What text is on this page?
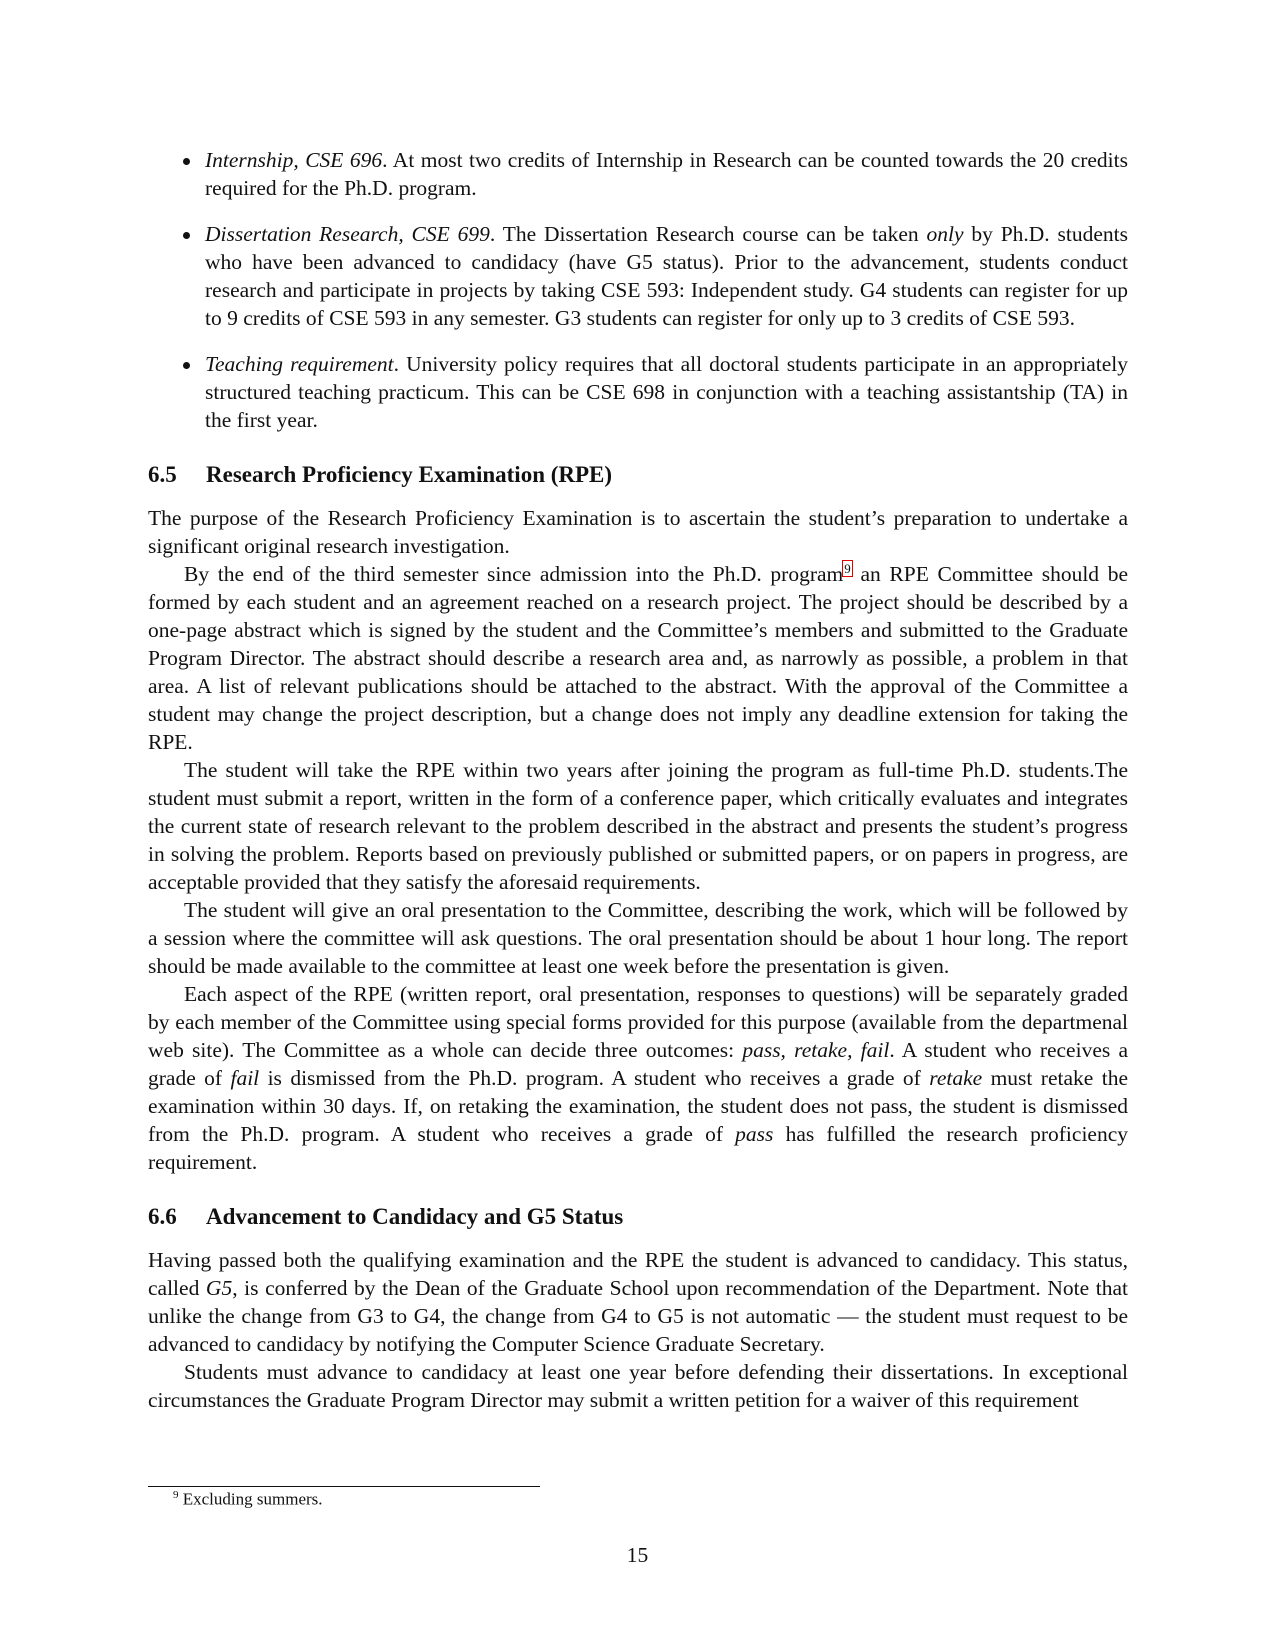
Internship, CSE 696. At most two credits of Internship in Research can be counted towards the 20 credits required for the Ph.D. program.
Dissertation Research, CSE 699. The Dissertation Research course can be taken only by Ph.D. students who have been advanced to candidacy (have G5 status). Prior to the advancement, students conduct research and participate in projects by taking CSE 593: Independent study. G4 students can register for up to 9 credits of CSE 593 in any semester. G3 students can register for only up to 3 credits of CSE 593.
Teaching requirement. University policy requires that all doctoral students participate in an appropriately structured teaching practicum. This can be CSE 698 in conjunction with a teaching assistantship (TA) in the first year.
6.5 Research Proficiency Examination (RPE)

The purpose of the Research Proficiency Examination is to ascertain the student’s preparation to undertake a significant original research investigation.

By the end of the third semester since admission into the Ph.D. program$^9$ an RPE Committee should be formed by each student and an agreement reached on a research project. The project should be described by a one-page abstract which is signed by the student and the Committee’s members and submitted to the Graduate Program Director. The abstract should describe a research area and, as narrowly as possible, a problem in that area. A list of relevant publications should be attached to the abstract. With the approval of the Committee a student may change the project description, but a change does not imply any deadline extension for taking the RPE.

The student will take the RPE within two years after joining the program as full-time Ph.D. students.The student must submit a report, written in the form of a conference paper, which critically evaluates and integrates the current state of research relevant to the problem described in the abstract and presents the student’s progress in solving the problem. Reports based on previously published or submitted papers, or on papers in progress, are acceptable provided that they satisfy the aforesaid requirements.

The student will give an oral presentation to the Committee, describing the work, which will be followed by a session where the committee will ask questions. The oral presentation should be about 1 hour long. The report should be made available to the committee at least one week before the presentation is given.

Each aspect of the RPE (written report, oral presentation, responses to questions) will be separately graded by each member of the Committee using special forms provided for this purpose (available from the departmenal web site). The Committee as a whole can decide three outcomes: pass, retake, fail. A student who receives a grade of fail is dismissed from the Ph.D. program. A student who receives a grade of retake must retake the examination within 30 days. If, on retaking the examination, the student does not pass, the student is dismissed from the Ph.D. program. A student who receives a grade of pass has fulfilled the research proficiency requirement.

6.6 Advancement to Candidacy and G5 Status

Having passed both the qualifying examination and the RPE the student is advanced to candidacy. This status, called G5, is conferred by the Dean of the Graduate School upon recommendation of the Department. Note that unlike the change from G3 to G4, the change from G4 to G5 is not automatic — the student must request to be advanced to candidacy by notifying the Computer Science Graduate Secretary.

Students must advance to candidacy at least one year before defending their dissertations. In exceptional circumstances the Graduate Program Director may submit a written petition for a waiver of this requirement

$^9$ Excluding summers.
15
